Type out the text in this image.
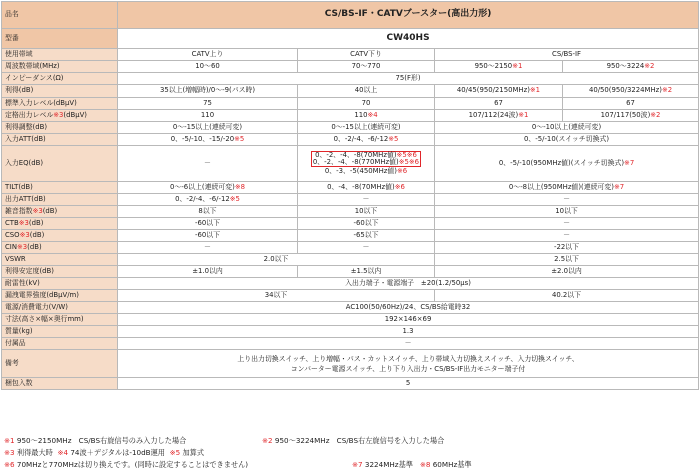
品名	CS/BS-IF・CATVブースター(高出力形)			
型番	CW40HS			
使用帯域	CATV上り	CATV下り	CS/BS-IF	
周波数帯域(MHz)	10～60	70～770	950～2150※1	950～3224※2
インピーダンス(Ω)	75(F形)			
利得(dB)	35以上(増幅時)/0～-9(パス時)	40以上	40/45(950/2150MHz)※1	40/50(950/3224MHz)※2
標準入力レベル(dBμV)	75	70	67	67
定格出力レベル※3(dBμV)	110	110※4	107/112(24波)※1	107/117(50波)※2
利得調整(dB)	0～-15以上(連続可変)	0～-15以上(連続可変)	0～-10以上(連続可変)	
入力ATT(dB)	0、-5/-10、-15/-20※5	0、-2/-4、-6/-12※5	0、-5/-10(スイッチ切換式)	
入力EQ(dB)	－	0、-2、-4、-8(70MHz値)※5※6
0、-2、-4、-8(770MHz値)※5※6
0、-3、-5(450MHz値)※6	0、-5/-10(950MHz値)(スイッチ切換式)※7	
TILT(dB)	0～-6以上(連続可変)※8	0、-4、-8(70MHz値)※6	0～-8以上(950MHz値)(連続可変)※7	
出力ATT(dB)	0、-2/-4、-6/-12※5	－	－	
雑音指数※3(dB)	8以下	10以下	10以下	
CTB※3(dB)	-60以下	-60以下	－	
CSO※3(dB)	-60以下	-65以下	－	
CIN※3(dB)	－	－	-22以下	
VSWR	2.0以下		2.5以下	
利得安定度(dB)	±1.0以内	±1.5以内	±2.0以内	
耐雷性(kV)	入出力端子・電源端子　±20(1.2/50μs)			
漏洩電界強度(dBμV/m)	34以下		40.2以下	
電源/消費電力(V/W)	AC100(50/60Hz)/24、CS/BS給電時32			
寸法(高さ×幅×奥行mm)	192×146×69			
質量(kg)	1.3			
付属品	－			
備考	上り出力切換スイッチ、上り増幅・パス・カットスイッチ、上り帯域入力切換えスイッチ、入力切換スイッチ、
コンバーター電源スイッチ、上り下り入出力・CS/BS-IF出力モニター端子付			
梱包入数	5			
※1 950～2150MHz　CS/BS右旋信号のみ入力した場合	※2 950～3224MHz　CS/BS右左旋信号を入力した場合
※3 利得最大時 ※4 74波＋デジタルは-10dB運用 ※5 加算式
※6 70MHzと770MHzは切り換えです。(同時に設定することはできません)	※7 3224MHz基準 ※8 60MHz基準
